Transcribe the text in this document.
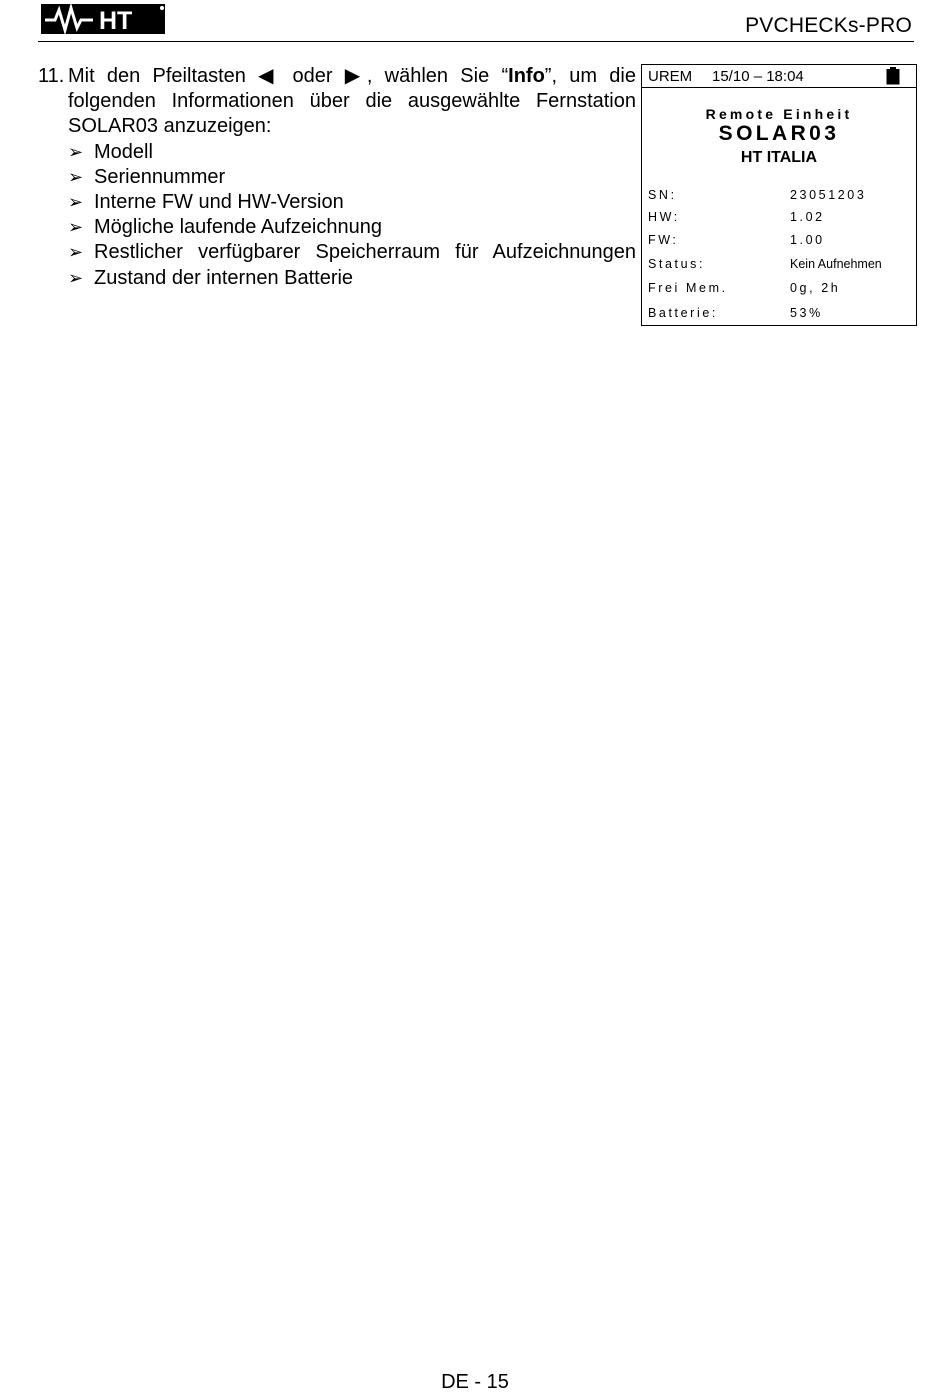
HT	PVCHECKs-PRO
11. Mit den Pfeiltasten ◀ oder ▶, wählen Sie “Info”, um die folgenden Informationen über die ausgewählte Fernstation SOLAR03 anzuzeigen:
➢ Modell
➢ Seriennummer
➢ Interne FW und HW-Version
➢ Mögliche laufende Aufzeichnung
➢ Restlicher verfügbarer Speicherraum für Aufzeichnungen
➢ Zustand der internen Batterie
UREM 15/10 – 18:04
Remote Einheit
SOLAR03
HT ITALIA
SN:	23051203
HW:	1.02
FW:	1.00
Status:	Kein Aufnehmen
Frei Mem.	0g, 2h
Batterie:	53%
DE - 15
